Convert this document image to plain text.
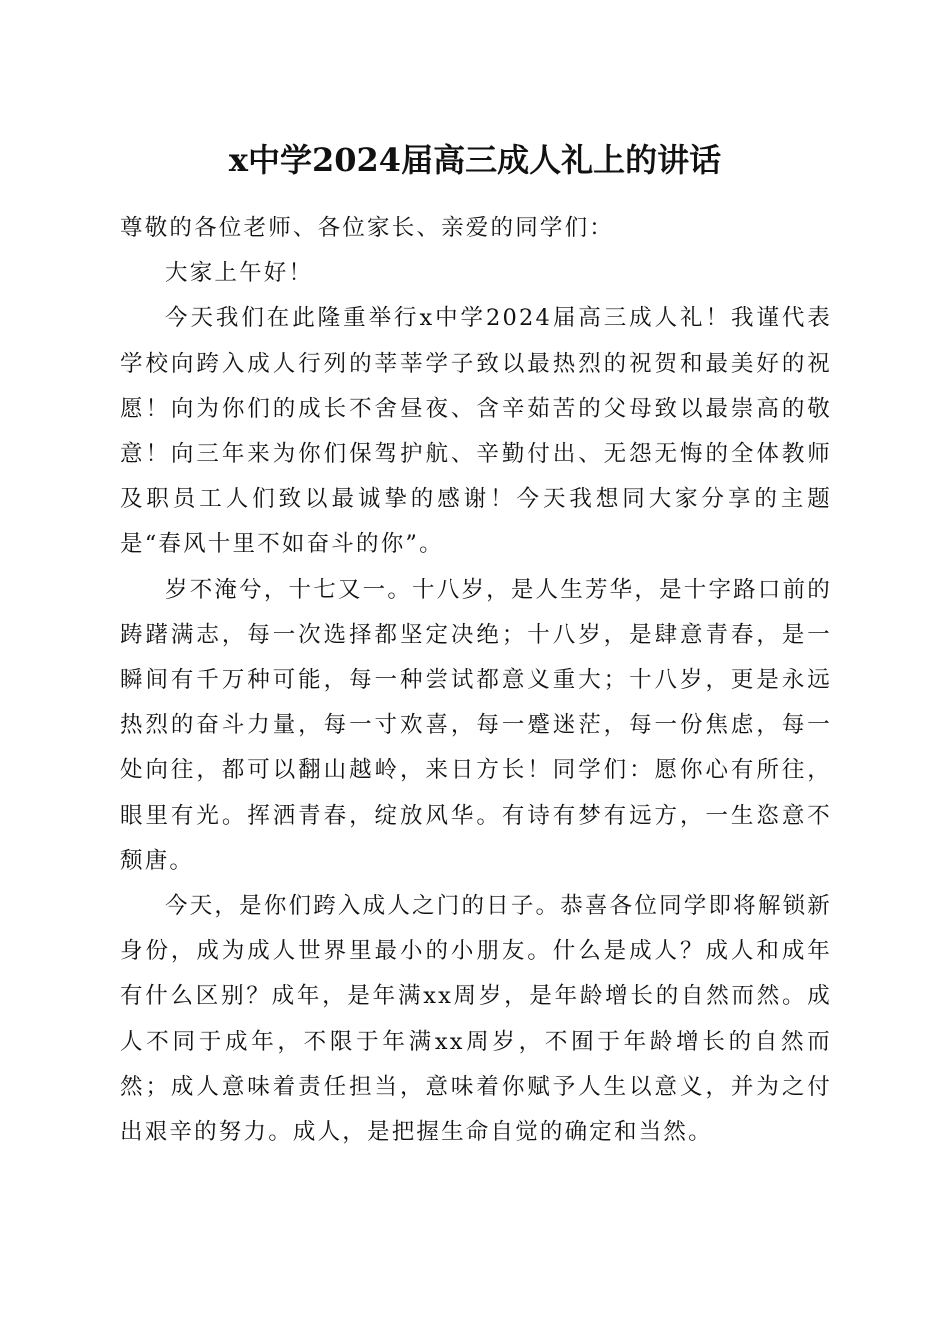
x中学2024届高三成人礼上的讲话

尊敬的各位老师、各位家长、亲爱的同学们：

大家上午好！

今天我们在此隆重举行x中学2024届高三成人礼！我谨代表学校向跨入成人行列的莘莘学子致以最热烈的祝贺和最美好的祝愿！向为你们的成长不舍昼夜、含辛茹苦的父母致以最崇高的敬意！向三年来为你们保驾护航、辛勤付出、无怨无悔的全体教师及职员工人们致以最诚挚的感谢！今天我想同大家分享的主题是“春风十里不如奋斗的你”。

岁不淹兮，十七又一。十八岁，是人生芳华，是十字路口前的踌躇满志，每一次选择都坚定决绝；十八岁，是肆意青春，是一瞬间有千万种可能，每一种尝试都意义重大；十八岁，更是永远热烈的奋斗力量，每一寸欢喜，每一蹙迷茫，每一份焦虑，每一处向往，都可以翻山越岭，来日方长！同学们：愿你心有所往，眼里有光。挥洒青春，绽放风华。有诗有梦有远方，一生恣意不颓唐。

今天，是你们跨入成人之门的日子。恭喜各位同学即将解锁新身份，成为成人世界里最小的小朋友。什么是成人？成人和成年有什么区别？成年，是年满xx周岁，是年龄增长的自然而然。成人不同于成年，不限于年满xx周岁，不囿于年龄增长的自然而然；成人意味着责任担当，意味着你赋予人生以意义，并为之付出艰辛的努力。成人，是把握生命自觉的确定和当然。
